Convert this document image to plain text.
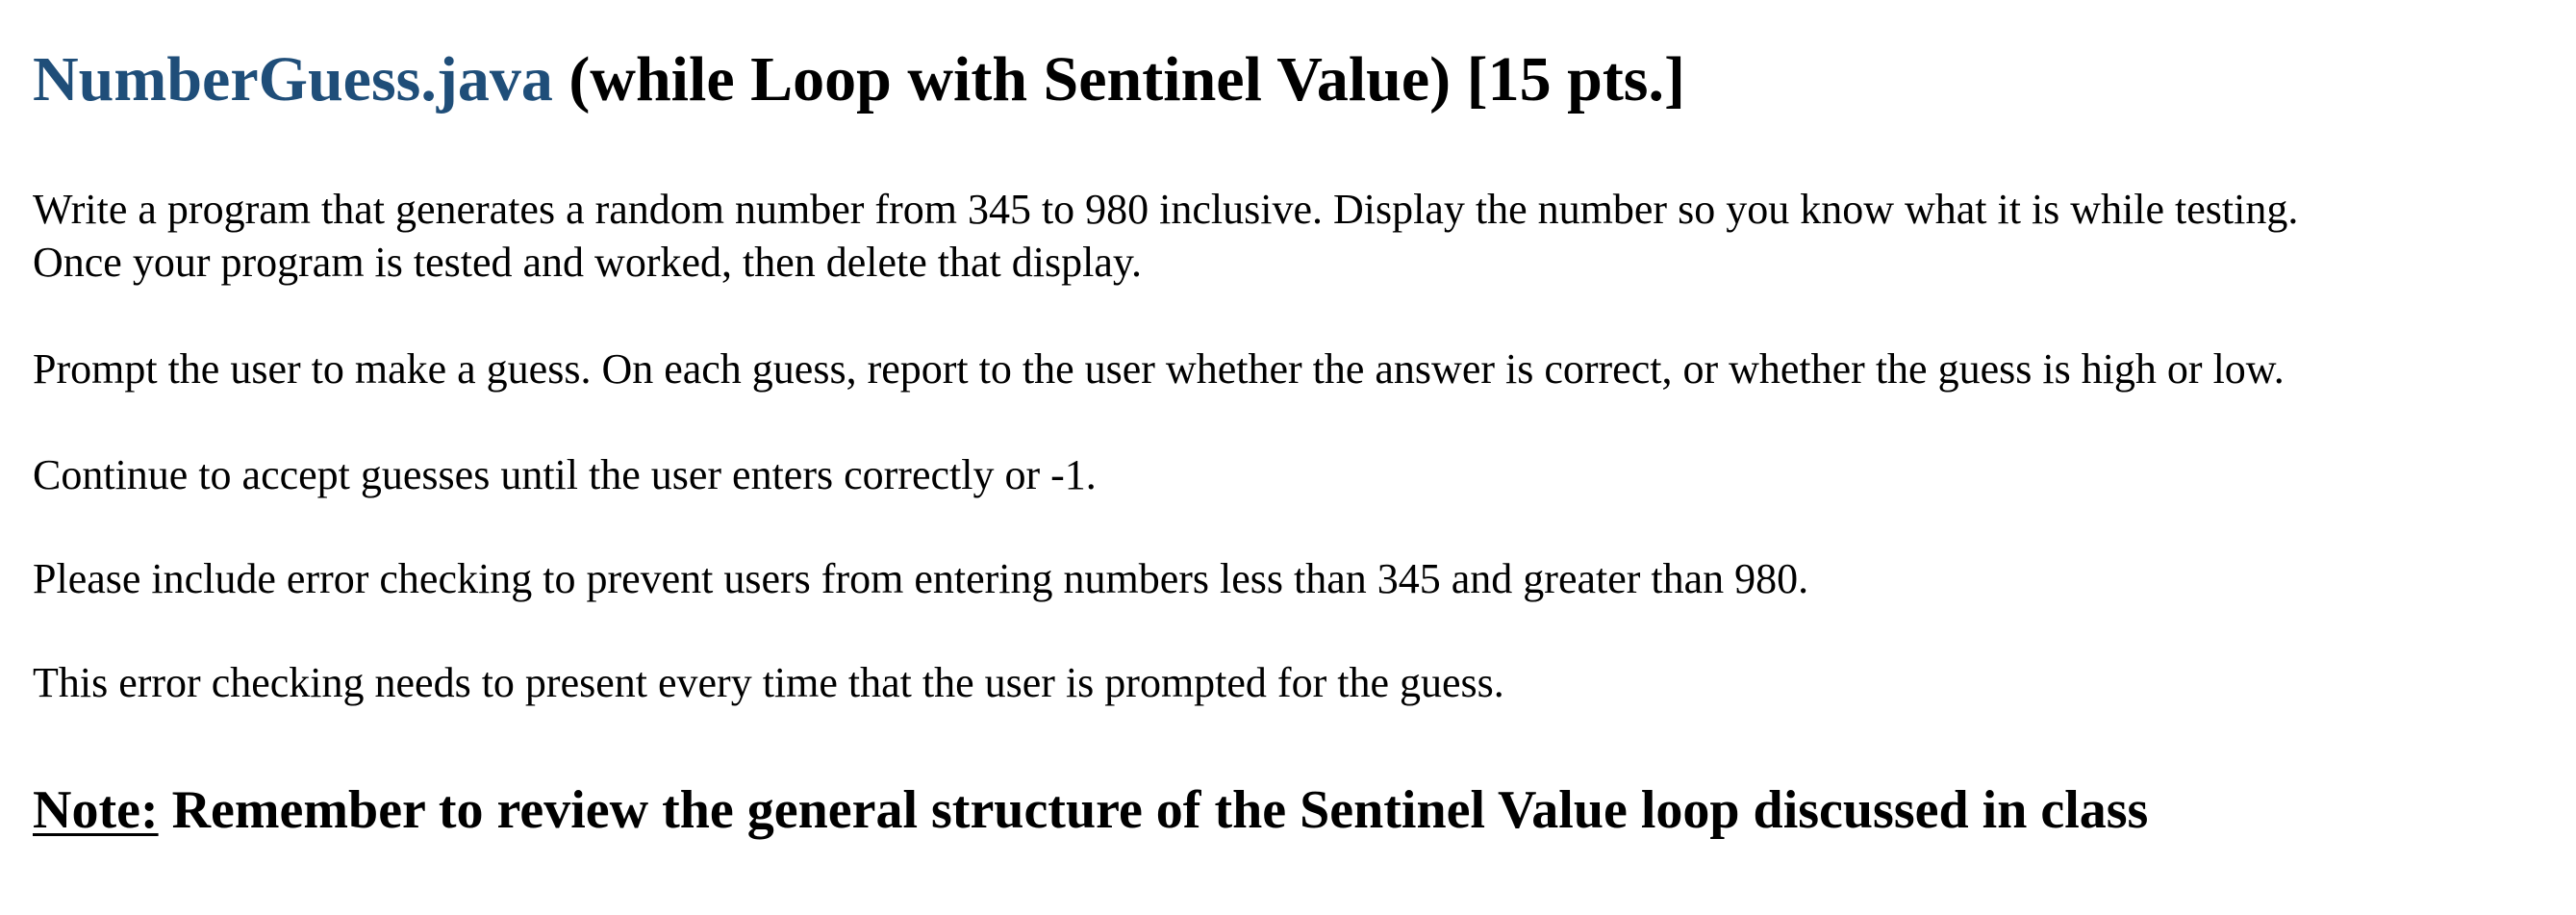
NumberGuess.java (while Loop with Sentinel Value) [15 pts.]

Write a program that generates a random number from 345 to 980 inclusive. Display the number so you know what it is while testing.
Once your program is tested and worked, then delete that display.

Prompt the user to make a guess. On each guess, report to the user whether the answer is correct, or whether the guess is high or low.

Continue to accept guesses until the user enters correctly or -1.

Please include error checking to prevent users from entering numbers less than 345 and greater than 980.

This error checking needs to present every time that the user is prompted for the guess.

Note: Remember to review the general structure of the Sentinel Value loop discussed in class
